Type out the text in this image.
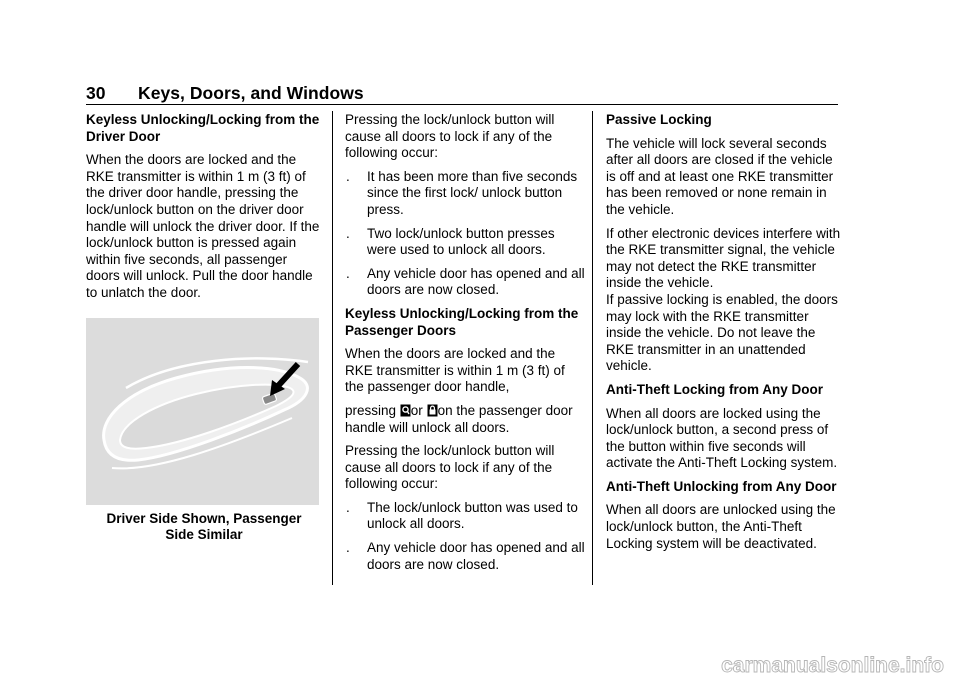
30 Keys, Doors, and Windows
Keyless Unlocking/Locking from the Driver Door

When the doors are locked and the RKE transmitter is within 1 m (3 ft) of the driver door handle, pressing the lock/unlock button on the driver door handle will unlock the driver door. If the lock/unlock button is pressed again within five seconds, all passenger doors will unlock. Pull the door handle to unlatch the door.

Driver Side Shown, Passenger
Side Similar

Pressing the lock/unlock button will cause all doors to lock if any of the following occur:

. It has been more than five seconds since the first lock/ unlock button press.
. Two lock/unlock button presses were used to unlock all doors.
. Any vehicle door has opened and all doors are now closed.
Keyless Unlocking/Locking from the Passenger Doors

When the doors are locked and the RKE transmitter is within 1 m (3 ft) of the passenger door handle,

pressing or on the passenger door handle will unlock all doors.

Pressing the lock/unlock button will cause all doors to lock if any of the following occur:

. The lock/unlock button was used to unlock all doors.
. Any vehicle door has opened and all doors are now closed.
Passive Locking

The vehicle will lock several seconds after all doors are closed if the vehicle is off and at least one RKE transmitter has been removed or none remain in the vehicle.

If other electronic devices interfere with the RKE transmitter signal, the vehicle may not detect the RKE transmitter inside the vehicle.

If passive locking is enabled, the doors may lock with the RKE transmitter inside the vehicle. Do not leave the RKE transmitter in an unattended vehicle.

Anti-Theft Locking from Any Door

When all doors are locked using the lock/unlock button, a second press of the button within five seconds will activate the Anti-Theft Locking system.

Anti-Theft Unlocking from Any Door

When all doors are unlocked using the lock/unlock button, the Anti-Theft Locking system will be deactivated.

carmanualsonline.info
